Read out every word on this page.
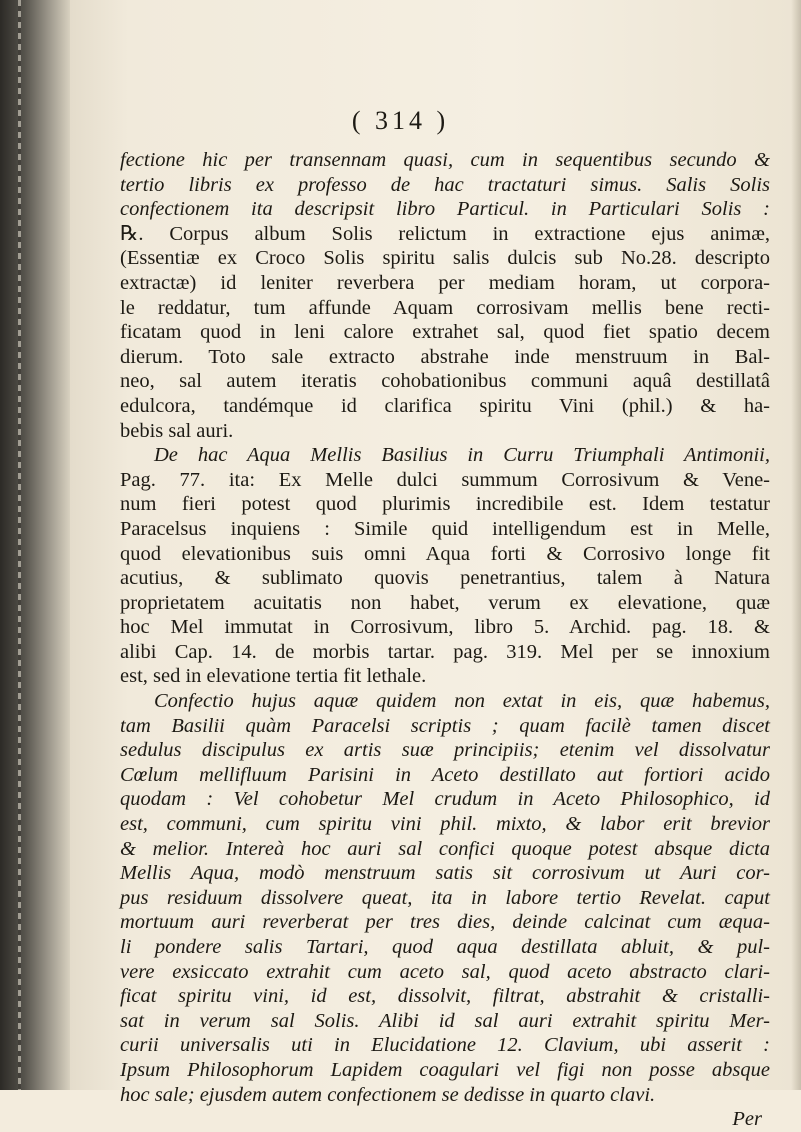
( 314 )
fectione hic per transennam quasi, cum in sequentibus secundo &
tertio libris ex professo de hac tractaturi simus. Salis Solis
confectionem ita descripsit libro Particul. in Particulari Solis :
℞. Corpus album Solis relictum in extractione ejus animæ,
(Essentiæ ex Croco Solis spiritu salis dulcis sub No.28. descripto
extractæ) id leniter reverbera per mediam horam, ut corpora-
le reddatur, tum affunde Aquam corrosivam mellis bene recti-
ficatam quod in leni calore extrahet sal, quod fiet spatio decem
dierum. Toto sale extracto abstrahe inde menstruum in Bal-
neo, sal autem iteratis cohobationibus communi aquâ destillatâ
edulcora, tandémque id clarifica spiritu Vini (phil.) & ha-
bebis sal auri.
De hac Aqua Mellis Basilius in Curru Triumphali Antimonii,
Pag. 77. ita: Ex Melle dulci summum Corrosivum & Vene-
num fieri potest quod plurimis incredibile est. Idem testatur
Paracelsus inquiens : Simile quid intelligendum est in Melle,
quod elevationibus suis omni Aqua forti & Corrosivo longe fit
acutius, & sublimato quovis penetrantius, talem à Natura
proprietatem acuitatis non habet, verum ex elevatione, quæ
hoc Mel immutat in Corrosivum, libro 5. Archid. pag. 18. &
alibi Cap. 14. de morbis tartar. pag. 319. Mel per se innoxium
est, sed in elevatione tertia fit lethale.
Confectio hujus aquæ quidem non extat in eis, quæ habemus,
tam Basilii quàm Paracelsi scriptis ; quam facilè tamen discet
sedulus discipulus ex artis suæ principiis; etenim vel dissolvatur
Cœlum mellifluum Parisini in Aceto destillato aut fortiori acido
quodam : Vel cohobetur Mel crudum in Aceto Philosophico, id
est, communi, cum spiritu vini phil. mixto, & labor erit brevior
& melior. Intereà hoc auri sal confici quoque potest absque dicta
Mellis Aqua, modò menstruum satis sit corrosivum ut Auri cor-
pus residuum dissolvere queat, ita in labore tertio Revelat. caput
mortuum auri reverberat per tres dies, deinde calcinat cum æqua-
li pondere salis Tartari, quod aqua destillata abluit, & pul-
vere exsiccato extrahit cum aceto sal, quod aceto abstracto clari-
ficat spiritu vini, id est, dissolvit, filtrat, abstrahit & cristalli-
sat in verum sal Solis. Alibi id sal auri extrahit spiritu Mer-
curii universalis uti in Elucidatione 12. Clavium, ubi asserit :
Ipsum Philosophorum Lapidem coagulari vel figi non posse absque
hoc sale; ejusdem autem confectionem se dedisse in quarto clavi.
Per
